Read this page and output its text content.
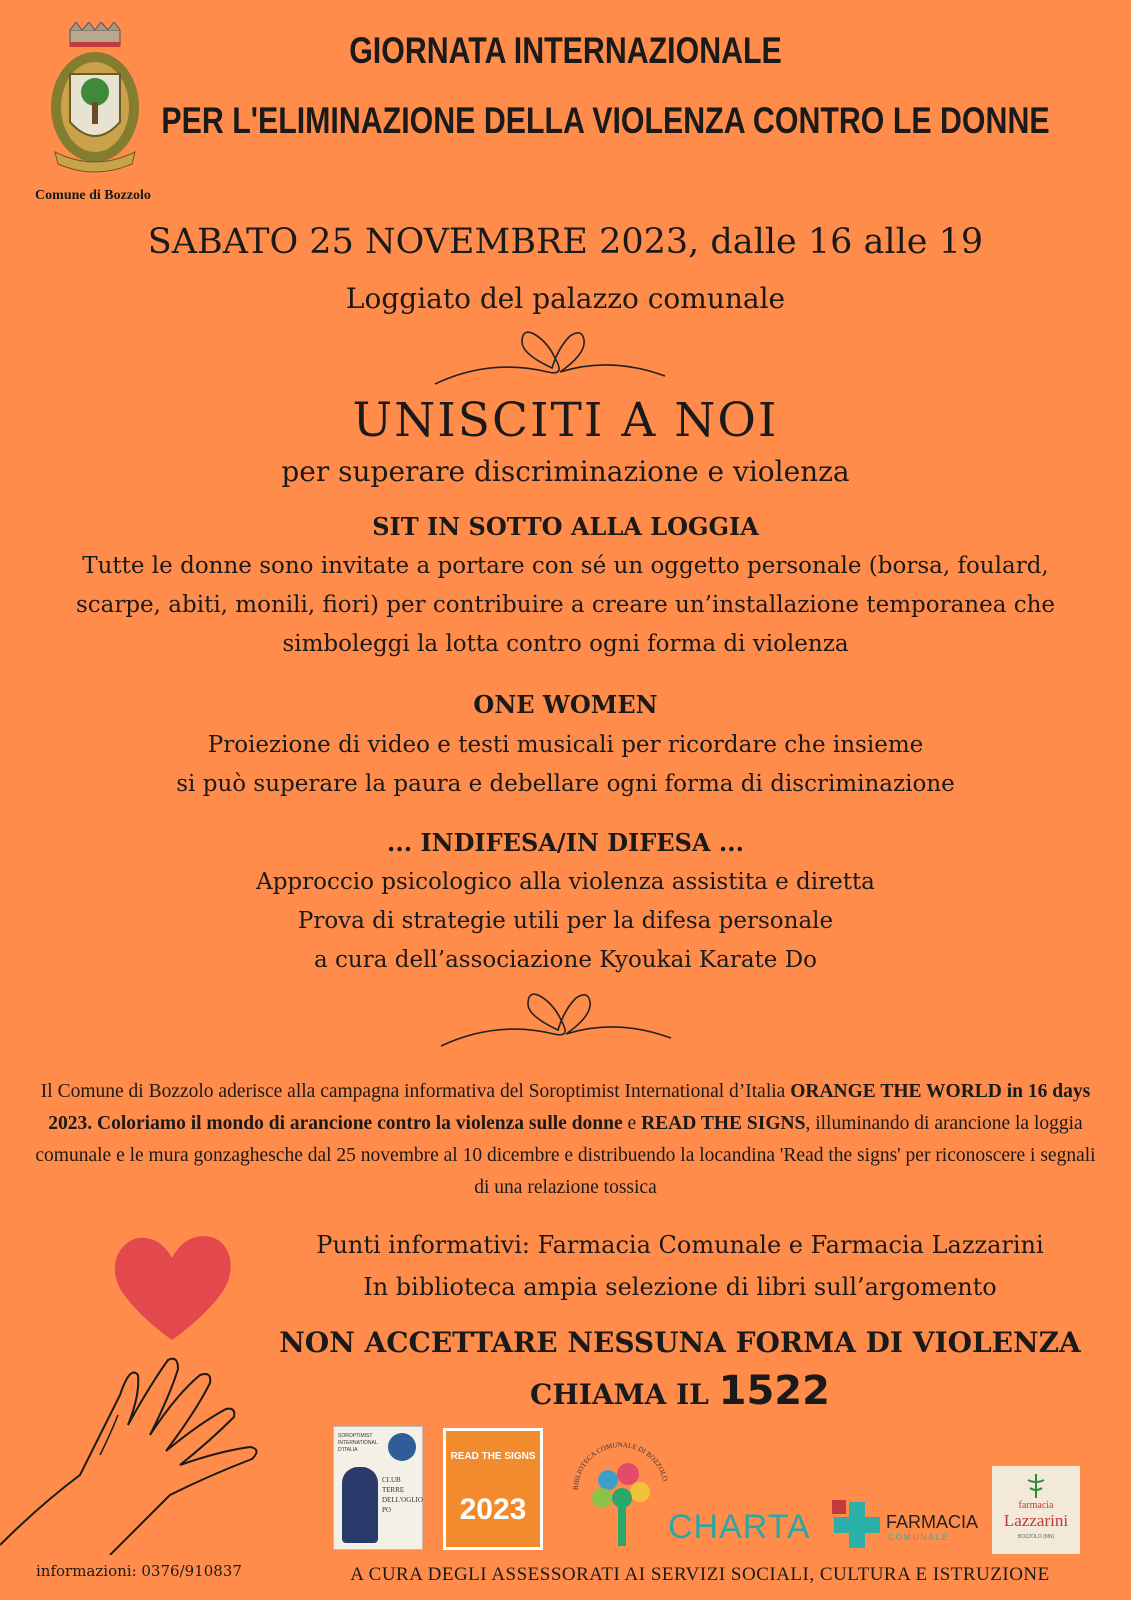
Comune di Bozzolo
GIORNATA INTERNAZIONALE
PER L'ELIMINAZIONE DELLA VIOLENZA CONTRO LE DONNE
SABATO 25 NOVEMBRE 2023, dalle 16 alle 19
Loggiato del palazzo comunale
UNISCITI A NOI
per superare discriminazione e violenza
SIT IN SOTTO ALLA LOGGIA
Tutte le donne sono invitate a portare con sé un oggetto personale (borsa, foulard,
scarpe, abiti, monili, fiori) per contribuire a creare un’installazione temporanea che
simboleggi la lotta contro ogni forma di violenza
ONE WOMEN
Proiezione di video e testi musicali per ricordare che insieme
si può superare la paura e debellare ogni forma di discriminazione
... INDIFESA/IN DIFESA ...
Approccio psicologico alla violenza assistita e diretta
Prova di strategie utili per la difesa personale
a cura dell’associazione Kyoukai Karate Do
Il Comune di Bozzolo aderisce alla campagna informativa del Soroptimist International d’Italia ORANGE THE WORLD in 16 days 2023. Coloriamo il mondo di arancione contro la violenza sulle donne e READ THE SIGNS, illuminando di arancione la loggia comunale e le mura gonzaghesche dal 25 novembre al 10 dicembre e distribuendo la locandina 'Read the signs' per riconoscere i segnali di una relazione tossica
Punti informativi: Farmacia Comunale e Farmacia Lazzarini
In biblioteca ampia selezione di libri sull’argomento
NON ACCETTARE NESSUNA FORMA DI VIOLENZA
CHIAMA IL 1522
SOROPTIMIST
INTERNATIONAL
D'ITALIA
CLUB TERRE
DELL'OGLIO PO
READ THE SIGNS
2023
BIBLIOTECA COMUNALE DI BOZZOLO
CHARTA	FARMACIA
COMUNALE
farmacia
Lazzarini
BOZZOLO (MN)
informazioni: 0376/910837	A CURA DEGLI ASSESSORATI AI SERVIZI SOCIALI, CULTURA E ISTRUZIONE
